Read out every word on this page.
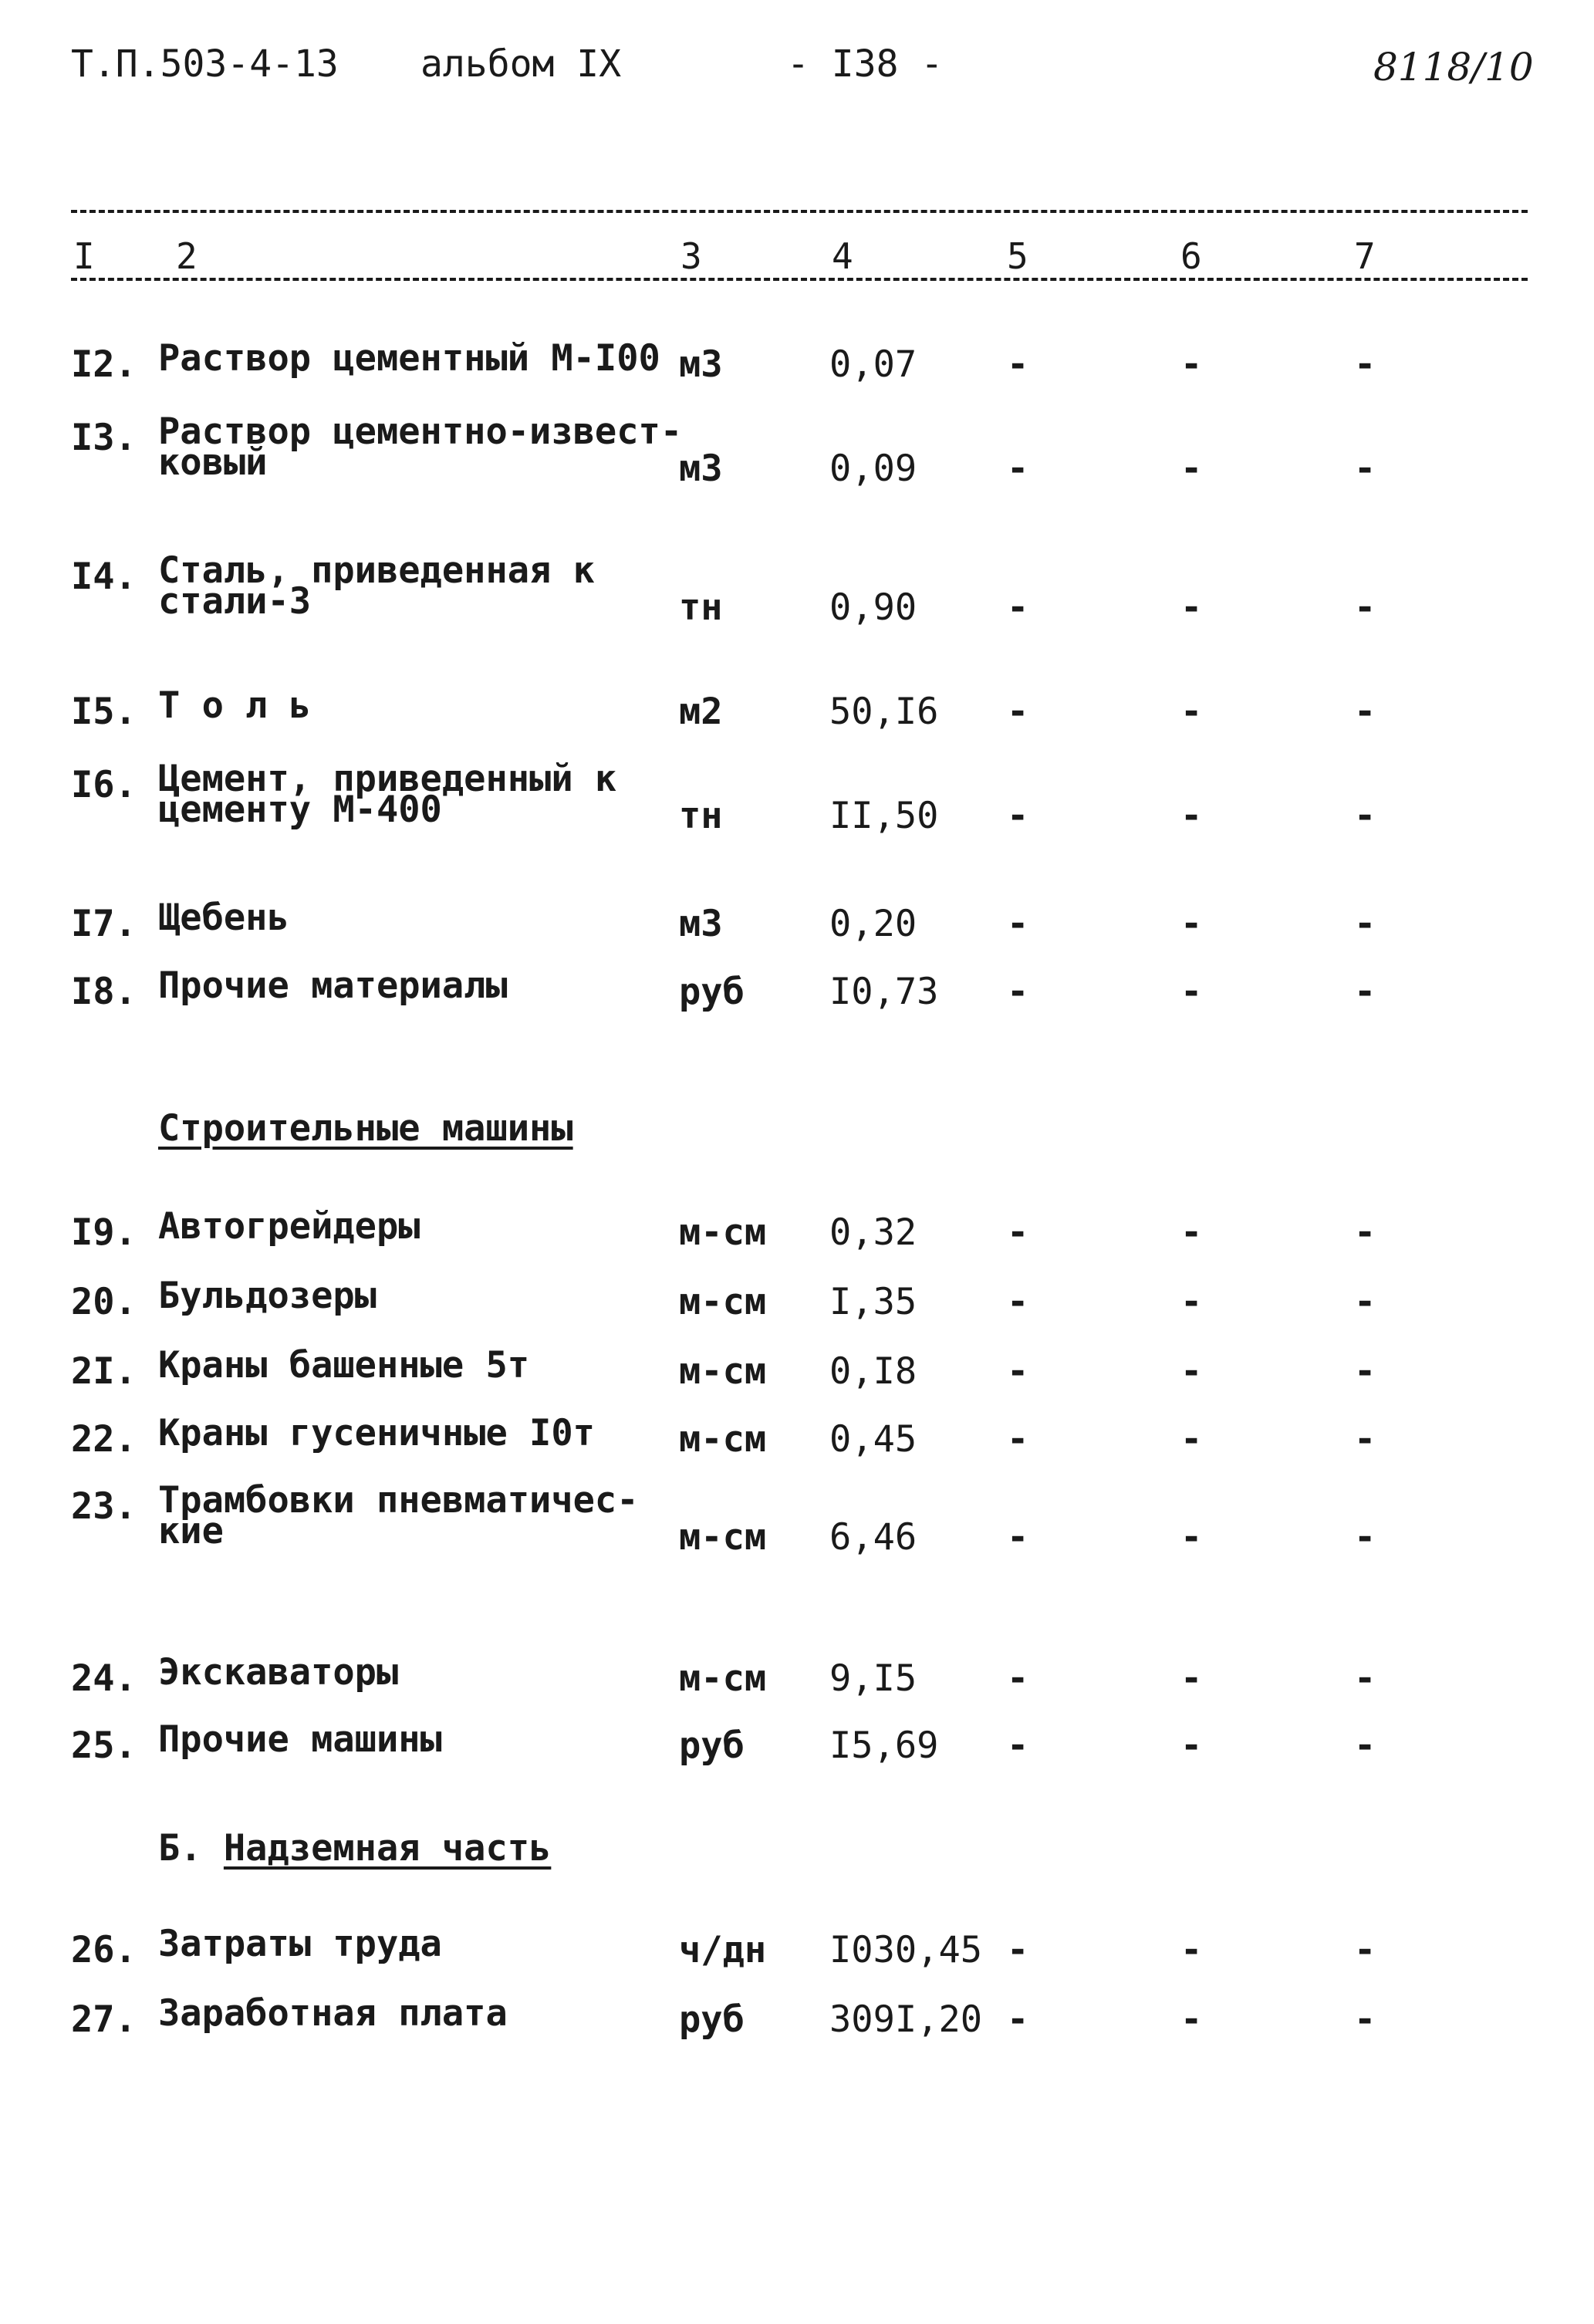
Т.П.503-4-13 альбом IX	- I38 -	8118/10
I 2	3	4	5	6	7
I2. Раствор цементный М-I00 м3	0,07 -	-	-
I3. Раствор цементно-извест-
ковый	м3	0,09 -	-	-
I4. Сталь, приведенная к
стали-3	тн	0,90 -	-	-
I5. Т о л ь	м2	50,I6 -	-	-
I6. Цемент, приведенный к
цементу М-400	тн	II,50 -	-	-
I7. Щебень	м3	0,20 -	-	-
I8. Прочие материалы	руб I0,73 -	-	-
Строительные машины
I9. Автогрейдеры	м-см 0,32 -	-	-
20. Бульдозеры	м-см I,35 -	-	-
2I. Краны башенные 5т	м-см 0,I8 -	-	-
22. Краны гусеничные I0т	м-см 0,45 -	-	-
23. Трамбовки пневматичес-
кие	м-см 6,46 -	-	-
24. Экскаваторы	м-см 9,I5 -	-	-
25. Прочие машины	руб I5,69 -	-	-
Б. Надземная часть
26. Затраты труда	ч/дн I030,45 -	-	-
27. Заработная плата	руб 309I,20 -	-	-
